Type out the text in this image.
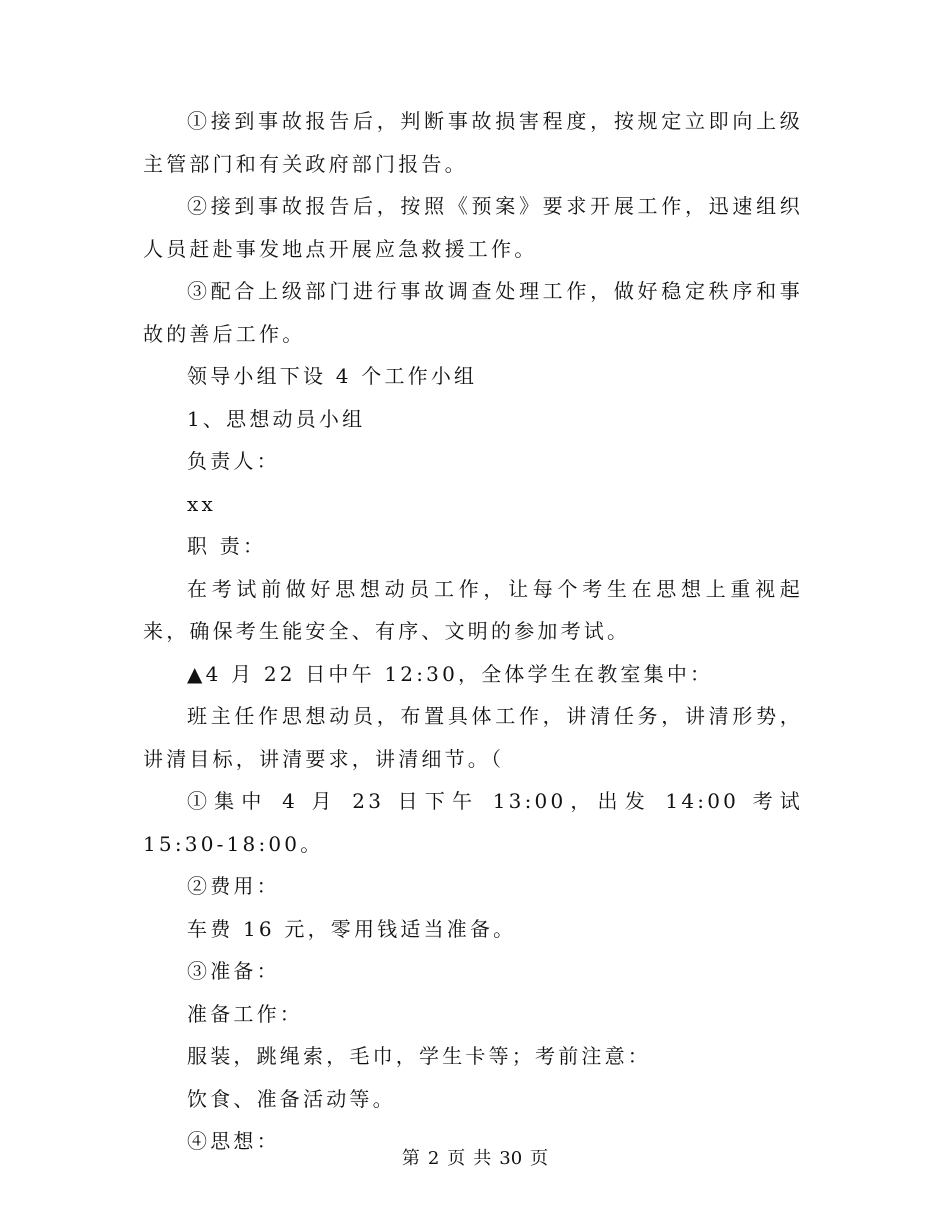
①接到事故报告后，判断事故损害程度，按规定立即向上级主管部门和有关政府部门报告。

②接到事故报告后，按照《预案》要求开展工作，迅速组织人员赶赴事发地点开展应急救援工作。

③配合上级部门进行事故调查处理工作，做好稳定秩序和事故的善后工作。

领导小组下设 4 个工作小组

1、思想动员小组

负责人：

xx

职 责：

在考试前做好思想动员工作，让每个考生在思想上重视起来，确保考生能安全、有序、文明的参加考试。

▲4 月 22 日中午 12:30，全体学生在教室集中：

班主任作思想动员，布置具体工作，讲清任务，讲清形势，讲清目标，讲清要求，讲清细节。（

①集中 4 月 23 日下午 13:00，出发 14:00 考试 15:30-18:00。

②费用：

车费 16 元，零用钱适当准备。

③准备：

准备工作：

服装，跳绳索，毛巾，学生卡等；考前注意：

饮食、准备活动等。

④思想：

第 2 页 共 30 页
